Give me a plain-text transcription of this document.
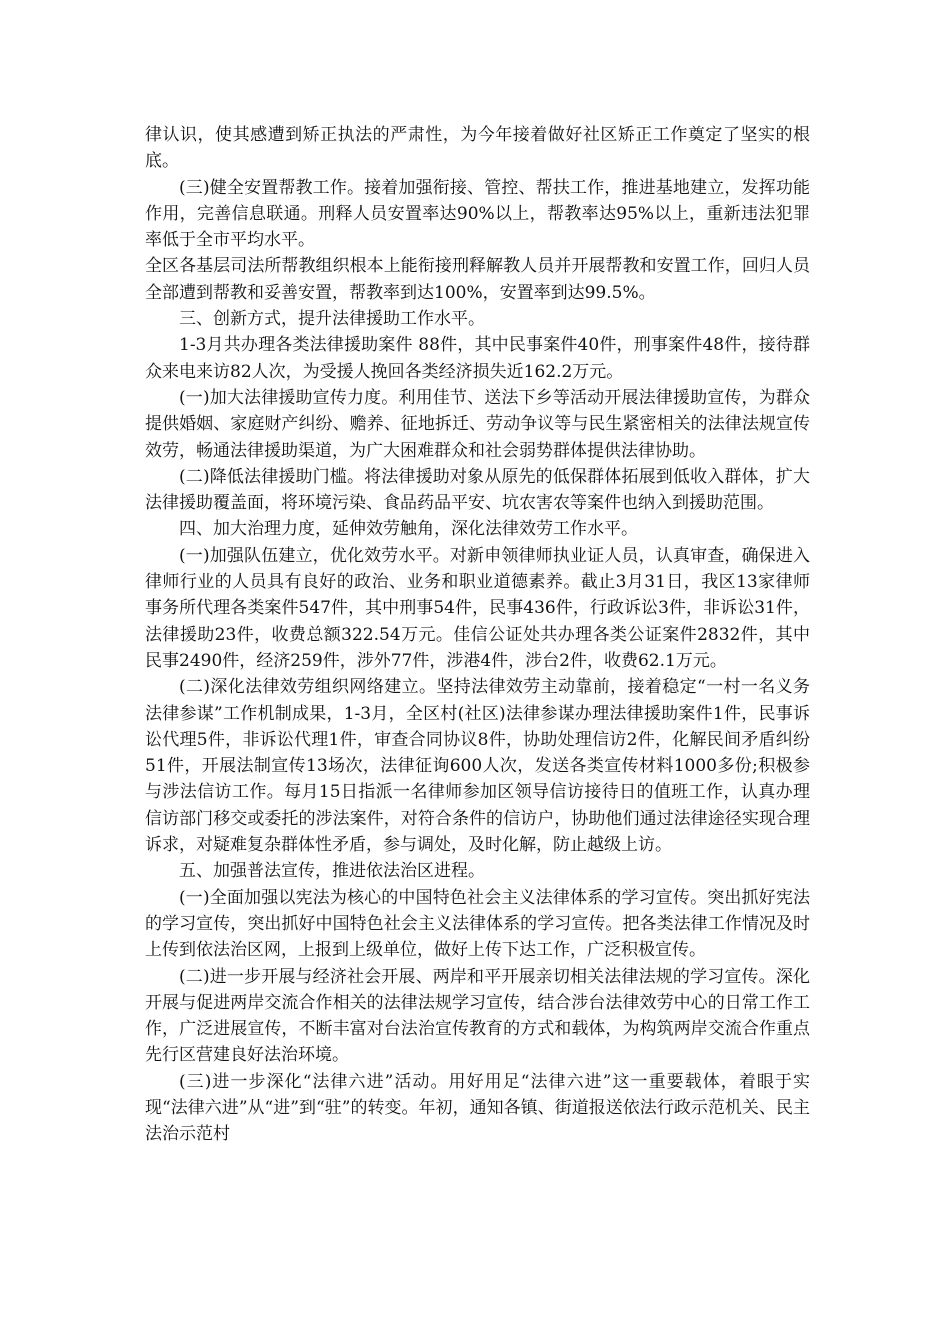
律认识，使其感遭到矫正执法的严肃性，为今年接着做好社区矫正工作奠定了坚实的根底。

(三)健全安置帮教工作。接着加强衔接、管控、帮扶工作，推进基地建立，发挥功能作用，完善信息联通。刑释人员安置率达90%以上，帮教率达95%以上，重新违法犯罪率低于全市平均水平。

全区各基层司法所帮教组织根本上能衔接刑释解教人员并开展帮教和安置工作，回归人员全部遭到帮教和妥善安置，帮教率到达100%，安置率到达99.5%。

三、创新方式，提升法律援助工作水平。

1-3月共办理各类法律援助案件 88件，其中民事案件40件，刑事案件48件，接待群众来电来访82人次，为受援人挽回各类经济损失近162.2万元。

(一)加大法律援助宣传力度。利用佳节、送法下乡等活动开展法律援助宣传，为群众提供婚姻、家庭财产纠纷、赡养、征地拆迁、劳动争议等与民生紧密相关的法律法规宣传效劳，畅通法律援助渠道，为广大困难群众和社会弱势群体提供法律协助。

(二)降低法律援助门槛。将法律援助对象从原先的低保群体拓展到低收入群体，扩大法律援助覆盖面，将环境污染、食品药品平安、坑农害农等案件也纳入到援助范围。

四、加大治理力度，延伸效劳触角，深化法律效劳工作水平。

(一)加强队伍建立，优化效劳水平。对新申领律师执业证人员，认真审查，确保进入律师行业的人员具有良好的政治、业务和职业道德素养。截止3月31日，我区13家律师事务所代理各类案件547件，其中刑事54件，民事436件，行政诉讼3件，非诉讼31件，法律援助23件，收费总额322.54万元。佳信公证处共办理各类公证案件2832件，其中民事2490件，经济259件，涉外77件，涉港4件，涉台2件，收费62.1万元。

(二)深化法律效劳组织网络建立。坚持法律效劳主动靠前，接着稳定“一村一名义务法律参谋”工作机制成果，1-3月，全区村(社区)法律参谋办理法律援助案件1件，民事诉讼代理5件，非诉讼代理1件，审查合同协议8件，协助处理信访2件，化解民间矛盾纠纷51件，开展法制宣传13场次，法律征询600人次，发送各类宣传材料1000多份;积极参与涉法信访工作。每月15日指派一名律师参加区领导信访接待日的值班工作，认真办理信访部门移交或委托的涉法案件，对符合条件的信访户，协助他们通过法律途径实现合理诉求，对疑难复杂群体性矛盾，参与调处，及时化解，防止越级上访。

五、加强普法宣传，推进依法治区进程。

(一)全面加强以宪法为核心的中国特色社会主义法律体系的学习宣传。突出抓好宪法的学习宣传，突出抓好中国特色社会主义法律体系的学习宣传。把各类法律工作情况及时上传到依法治区网，上报到上级单位，做好上传下达工作，广泛积极宣传。

(二)进一步开展与经济社会开展、两岸和平开展亲切相关法律法规的学习宣传。深化开展与促进两岸交流合作相关的法律法规学习宣传，结合涉台法律效劳中心的日常工作工作，广泛进展宣传，不断丰富对台法治宣传教育的方式和载体，为构筑两岸交流合作重点先行区营建良好法治环境。

(三)进一步深化“法律六进”活动。用好用足“法律六进”这一重要载体，着眼于实现“法律六进”从“进”到“驻”的转变。年初，通知各镇、街道报送依法行政示范机关、民主法治示范村
